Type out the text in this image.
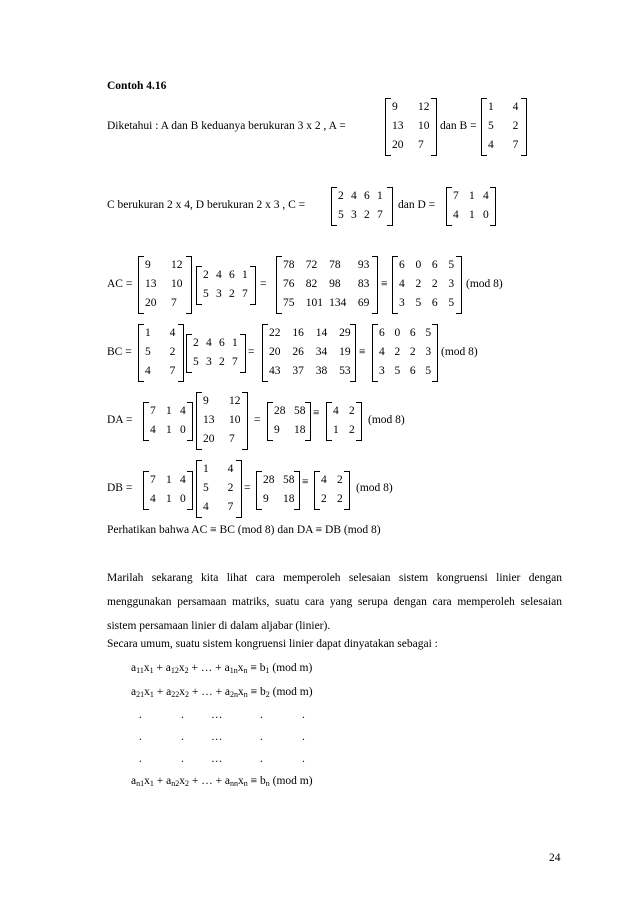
Contoh 4.16
Diketahui : A dan B keduanya berukuran 3 x 2 , A =
9	12
13	10
20	7
dan B =
1	4
5	2
4	7
C berukuran 2 x 4, D berukuran 2 x 3 , C =
2	4	6	1
5	3	2	7
dan D =
7	1	4
4	1	0
AC =
9	12
13	10
20	7
2	4	6	1
5	3	2	7
=
78	72	78	93
76	82	98	83
75	101	134	69
≡
6	0	6	5
4	2	2	3
3	5	6	5
(mod 8)
BC =
1	4
5	2
4	7
2	4	6	1
5	3	2	7
=
22	16	14	29
20	26	34	19
43	37	38	53
≡
6	0	6	5
4	2	2	3
3	5	6	5
(mod 8)
DA =
7	1	4
4	1	0
9	12
13	10
20	7
=
28	58
9	18
≡ 4	2
1	2
(mod 8)
DB =
7	1	4
4	1	0
1	4
5	2
4	7
=
28	58
9	18
≡ 4	2
2	2
(mod 8)
Perhatikan bahwa AC ≡ BC (mod 8) dan DA ≡ DB (mod 8)
Marilah sekarang kita lihat cara memperoleh selesaian sistem kongruensi linier dengan menggunakan persamaan matriks, suatu cara yang serupa dengan cara memperoleh selesaian sistem persamaan linier di dalam aljabar (linier).
Secara umum, suatu sistem kongruensi linier dapat dinyatakan sebagai :
$a_{11}x_1 + a_{12}x_2$ + … + $a_{1n}x_n \equiv b_1$ (mod m)
$a_{21}x_1 + a_{22}x_2$ + … + $a_{2n}x_n \equiv b_2$ (mod m)
.	. …	.	.
.	. …	.	.
.	. …	.	.
$a_{n1}x_1 + a_{n2}x_2$ + … + $a_{nn}x_n \equiv b_n$ (mod m)
24
